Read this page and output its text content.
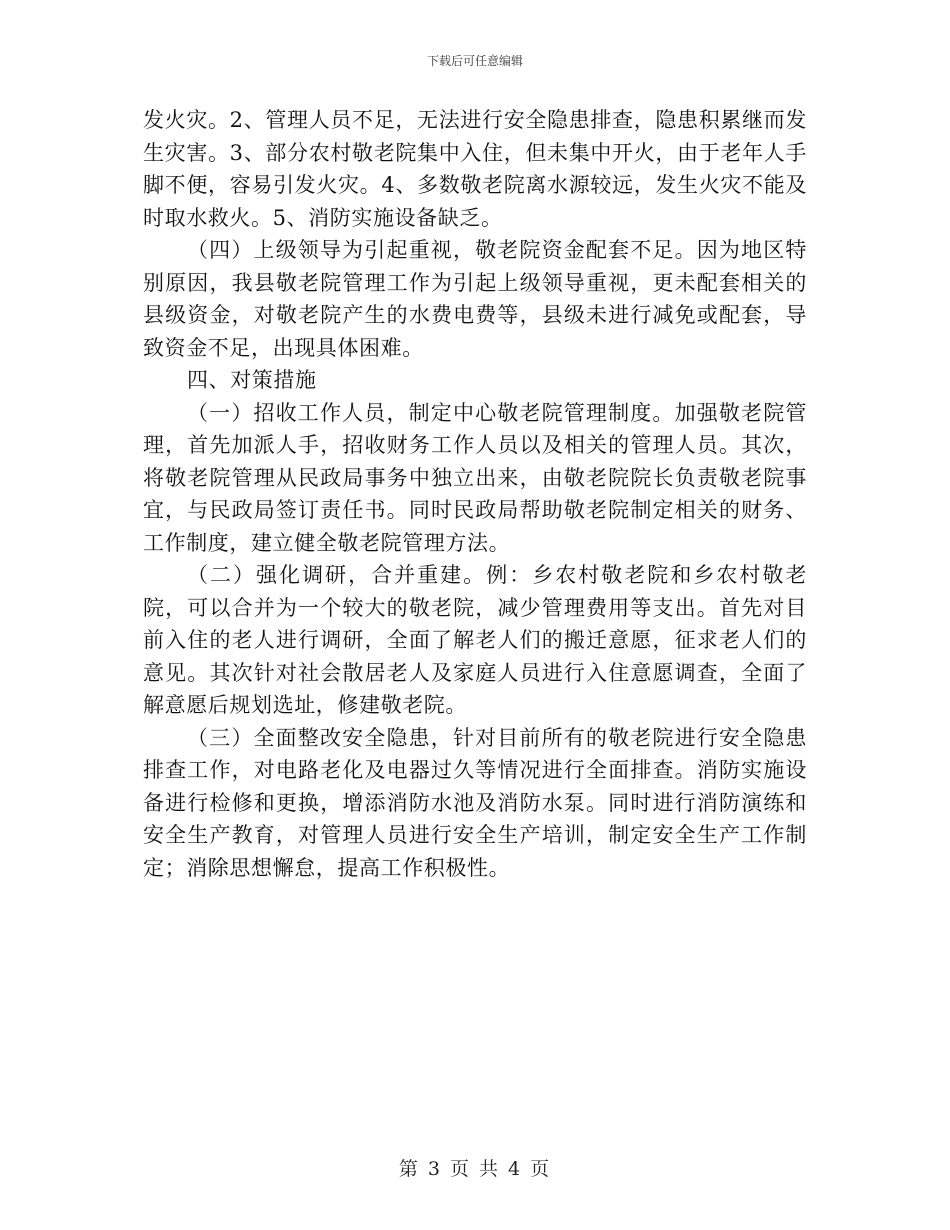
下载后可任意编辑

发火灾。2、管理人员不足，无法进行安全隐患排查，隐患积累继而发生灾害。3、部分农村敬老院集中入住，但未集中开火，由于老年人手脚不便，容易引发火灾。4、多数敬老院离水源较远，发生火灾不能及时取水救火。5、消防实施设备缺乏。

（四）上级领导为引起重视，敬老院资金配套不足。因为地区特别原因，我县敬老院管理工作为引起上级领导重视，更未配套相关的县级资金，对敬老院产生的水费电费等，县级未进行减免或配套，导致资金不足，出现具体困难。

四、对策措施

（一）招收工作人员，制定中心敬老院管理制度。加强敬老院管理，首先加派人手，招收财务工作人员以及相关的管理人员。其次，将敬老院管理从民政局事务中独立出来，由敬老院院长负责敬老院事宜，与民政局签订责任书。同时民政局帮助敬老院制定相关的财务、工作制度，建立健全敬老院管理方法。

（二）强化调研，合并重建。例：乡农村敬老院和乡农村敬老院，可以合并为一个较大的敬老院，减少管理费用等支出。首先对目前入住的老人进行调研，全面了解老人们的搬迁意愿，征求老人们的意见。其次针对社会散居老人及家庭人员进行入住意愿调查，全面了解意愿后规划选址，修建敬老院。

（三）全面整改安全隐患，针对目前所有的敬老院进行安全隐患排查工作，对电路老化及电器过久等情况进行全面排查。消防实施设备进行检修和更换，增添消防水池及消防水泵。同时进行消防演练和安全生产教育，对管理人员进行安全生产培训，制定安全生产工作制定；消除思想懈怠，提高工作积极性。

第 3 页 共 4 页
